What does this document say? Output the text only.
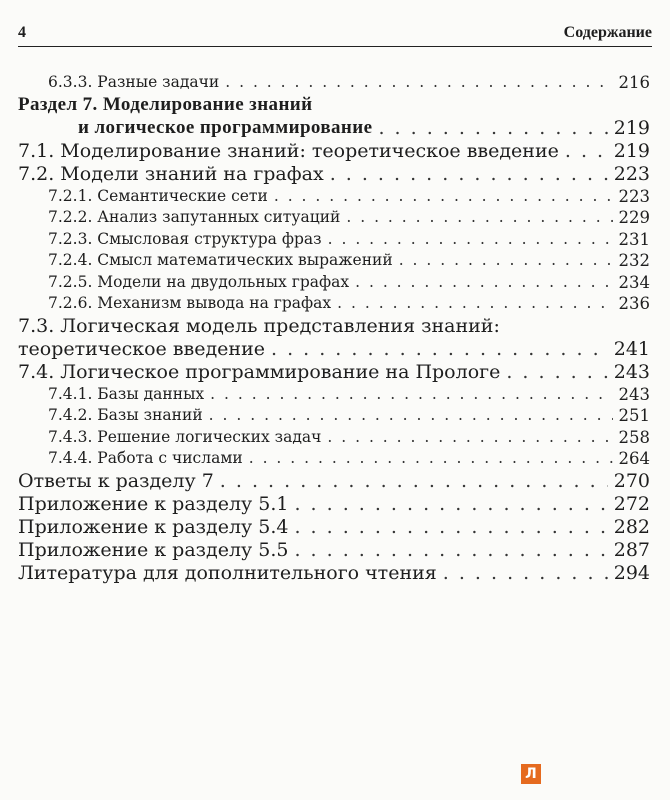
4	Содержание
6.3.3. Разные задачи . . .	216
Раздел 7. Моделирование знаний
и логическое программирование . . .	219
7.1. Моделирование знаний: теоретическое введение . . .	219
7.2. Модели знаний на графах . . .	223
7.2.1. Семантические сети . . .	223
7.2.2. Анализ запутанных ситуаций . . .	229
7.2.3. Смысловая структура фраз . . .	231
7.2.4. Смысл математических выражений . . .	232
7.2.5. Модели на двудольных графах . . .	234
7.2.6. Механизм вывода на графах . . .	236
7.3. Логическая модель представления знаний:
теоретическое введение . . .	241
7.4. Логическое программирование на Прологе . . .	243
7.4.1. Базы данных . . .	243
7.4.2. Базы знаний . . .	251
7.4.3. Решение логических задач . . .	258
7.4.4. Работа с числами . . .	264
Ответы к разделу 7 . . .	270
Приложение к разделу 5.1 . . .	272
Приложение к разделу 5.4 . . .	282
Приложение к разделу 5.5 . . .	287
Литература для дополнительного чтения . . .	294
Л
